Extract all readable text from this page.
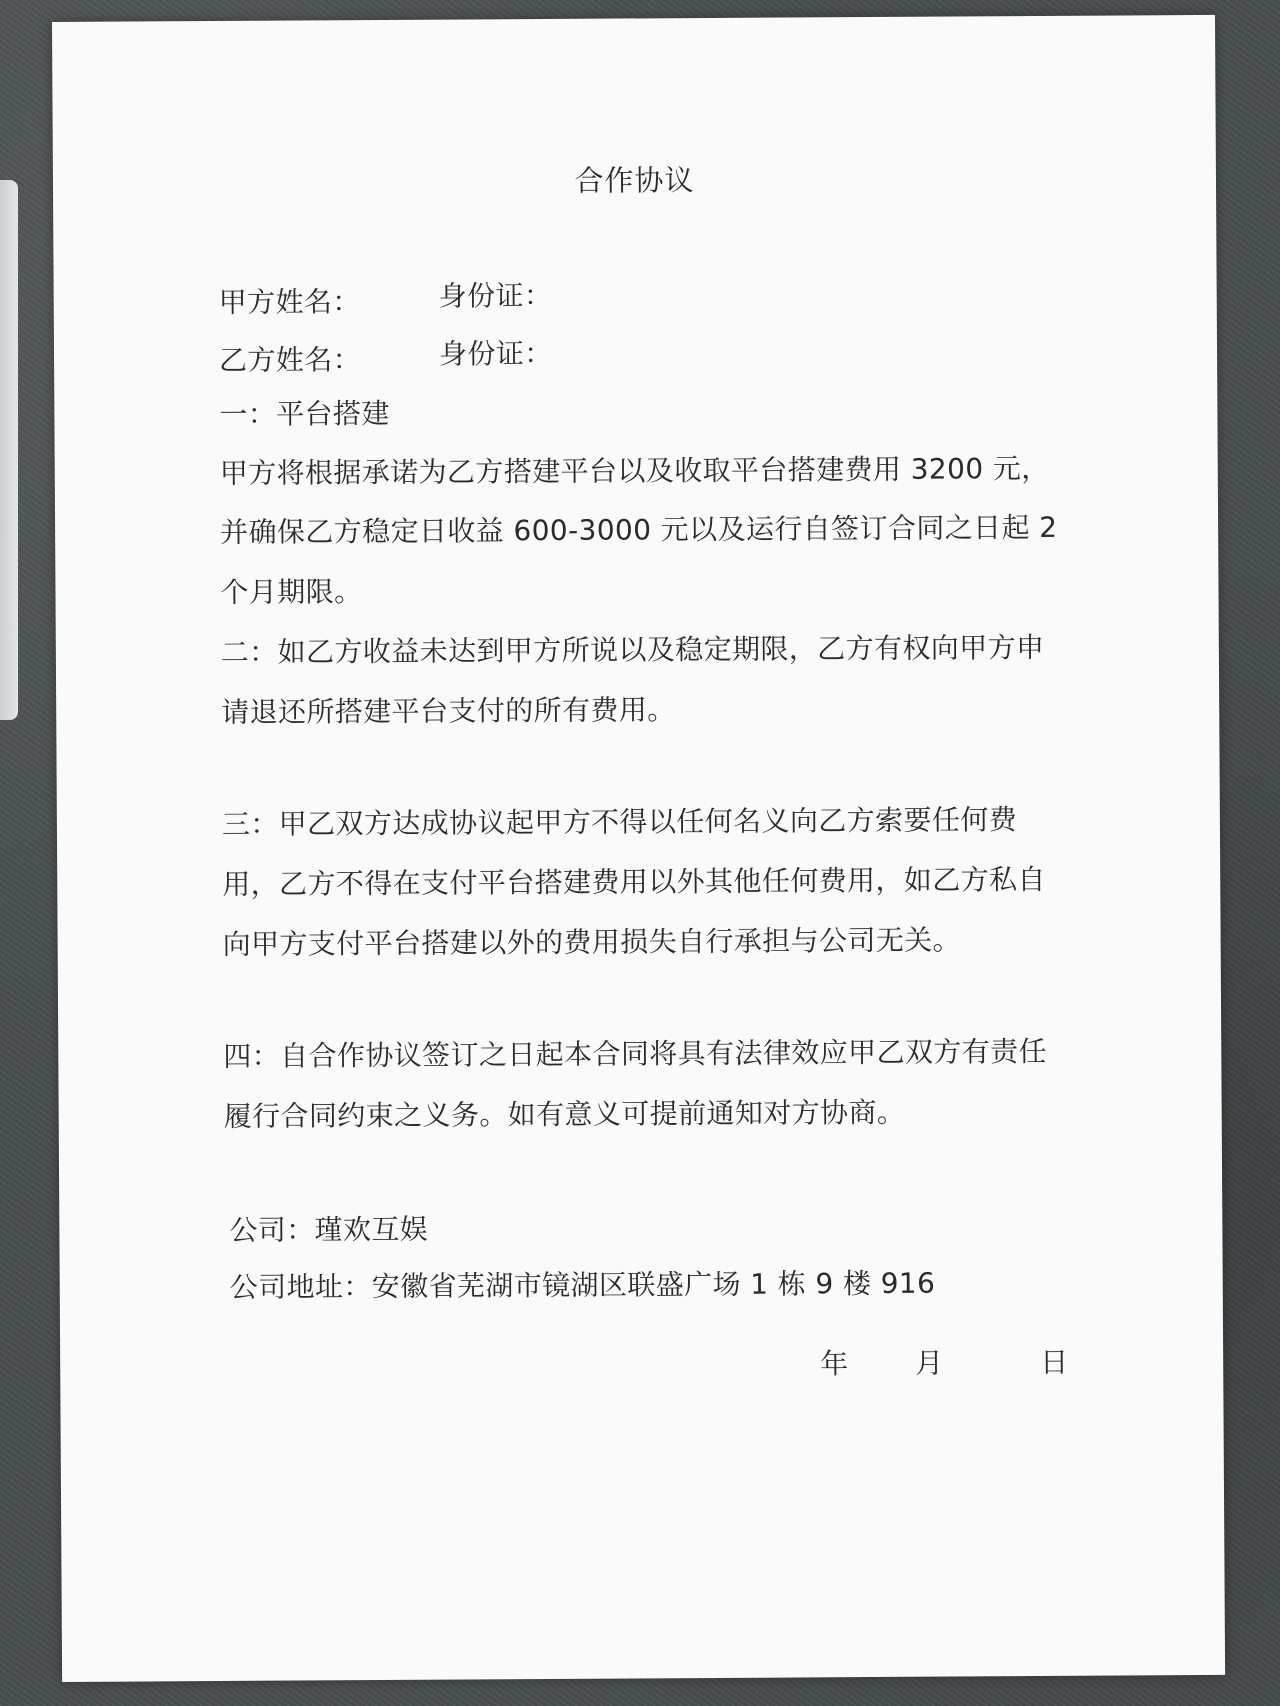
合作协议
甲方姓名：	身份证：
乙方姓名：	身份证：
一：平台搭建
甲方将根据承诺为乙方搭建平台以及收取平台搭建费用 3200 元，
并确保乙方稳定日收益 600-3000 元以及运行自签订合同之日起 2
个月期限。
二：如乙方收益未达到甲方所说以及稳定期限，乙方有权向甲方申
请退还所搭建平台支付的所有费用。
三：甲乙双方达成协议起甲方不得以任何名义向乙方索要任何费
用，乙方不得在支付平台搭建费用以外其他任何费用，如乙方私自
向甲方支付平台搭建以外的费用损失自行承担与公司无关。
四：自合作协议签订之日起本合同将具有法律效应甲乙双方有责任
履行合同约束之义务。如有意义可提前通知对方协商。
公司：瑾欢互娱
公司地址：安徽省芜湖市镜湖区联盛广场 1 栋 9 楼 916
年 月	日
